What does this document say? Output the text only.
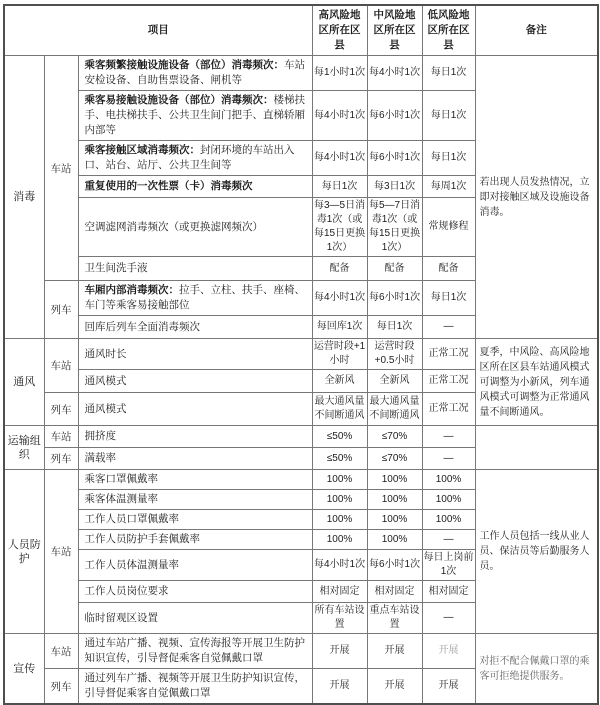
项目			高风险地区所在区县	中风险地区所在区县	低风险地区所在区县	备注
消毒	车站	乘客频繁接触设施设备（部位）消毒频次：车站安检设备、自助售票设备、闸机等	每1小时1次	每4小时1次	每日1次	若出现人员发热情况，立即对接触区域及设施设备消毒。
		乘客易接触设施设备（部位）消毒频次：楼梯扶手、电扶梯扶手、公共卫生间门把手、直梯轿厢内部等	每4小时1次	每6小时1次	每日1次	
		乘客接触区域消毒频次：封闭环境的车站出入口、站台、站厅、公共卫生间等	每4小时1次	每6小时1次	每日1次	
		重复使用的一次性票（卡）消毒频次	每日1次	每3日1次	每周1次	
		空调滤网消毒频次（或更换滤网频次）	每3—5日消毒1次（或每15日更换1次）	每5—7日消毒1次（或每15日更换1次）	常规修程	
		卫生间洗手液	配备	配备	配备	
	列车	车厢内部消毒频次：拉手、立柱、扶手、座椅、车门等乘客易接触部位	每4小时1次	每6小时1次	每日1次	
		回库后列车全面消毒频次	每回库1次	每日1次	—	
通风	车站	通风时长	运营时段+1小时	运营时段+0.5小时	正常工况	夏季，中风险、高风险地区所在区县车站通风模式可调整为小新风，列车通风模式可调整为正常通风量不间断通风。
		通风模式	全新风	全新风	正常工况	
	列车	通风模式	最大通风量不间断通风	最大通风量不间断通风	正常工况	
运输组织	车站	拥挤度	≤50%	≤70%	—	
	列车	满载率	≤50%	≤70%	—	
人员防护	车站	乘客口罩佩戴率	100%	100%	100%	工作人员包括一线从业人员、保洁员等后勤服务人员。
		乘客体温测量率	100%	100%	100%	
		工作人员口罩佩戴率	100%	100%	100%	
		工作人员防护手套佩戴率	100%	100%	—	
		工作人员体温测量率	每4小时1次	每6小时1次	每日上岗前1次	
		工作人员岗位要求	相对固定	相对固定	相对固定	
		临时留观区设置	所有车站设置	重点车站设置	—	
宣传	车站	通过车站广播、视频、宣传海报等开展卫生防护知识宣传，引导督促乘客自觉佩戴口罩	开展	开展	开展	对拒不配合佩戴口罩的乘客可拒绝提供服务。
	列车	通过列车广播、视频等开展卫生防护知识宣传，引导督促乘客自觉佩戴口罩	开展	开展	开展	
